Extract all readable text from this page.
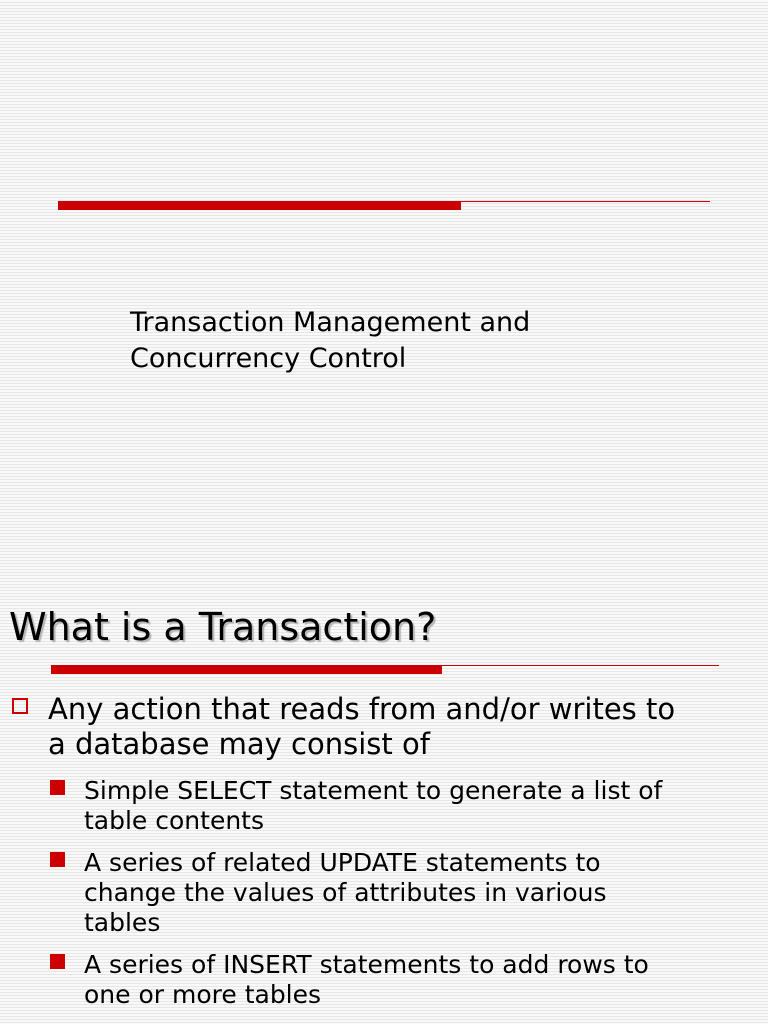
Transaction Management and
Concurrency Control
What is a Transaction?
Any action that reads from and/or writes to
a database may consist of
Simple SELECT statement to generate a list of
table contents
A series of related UPDATE statements to
change the values of attributes in various
tables
A series of INSERT statements to add rows to
one or more tables
